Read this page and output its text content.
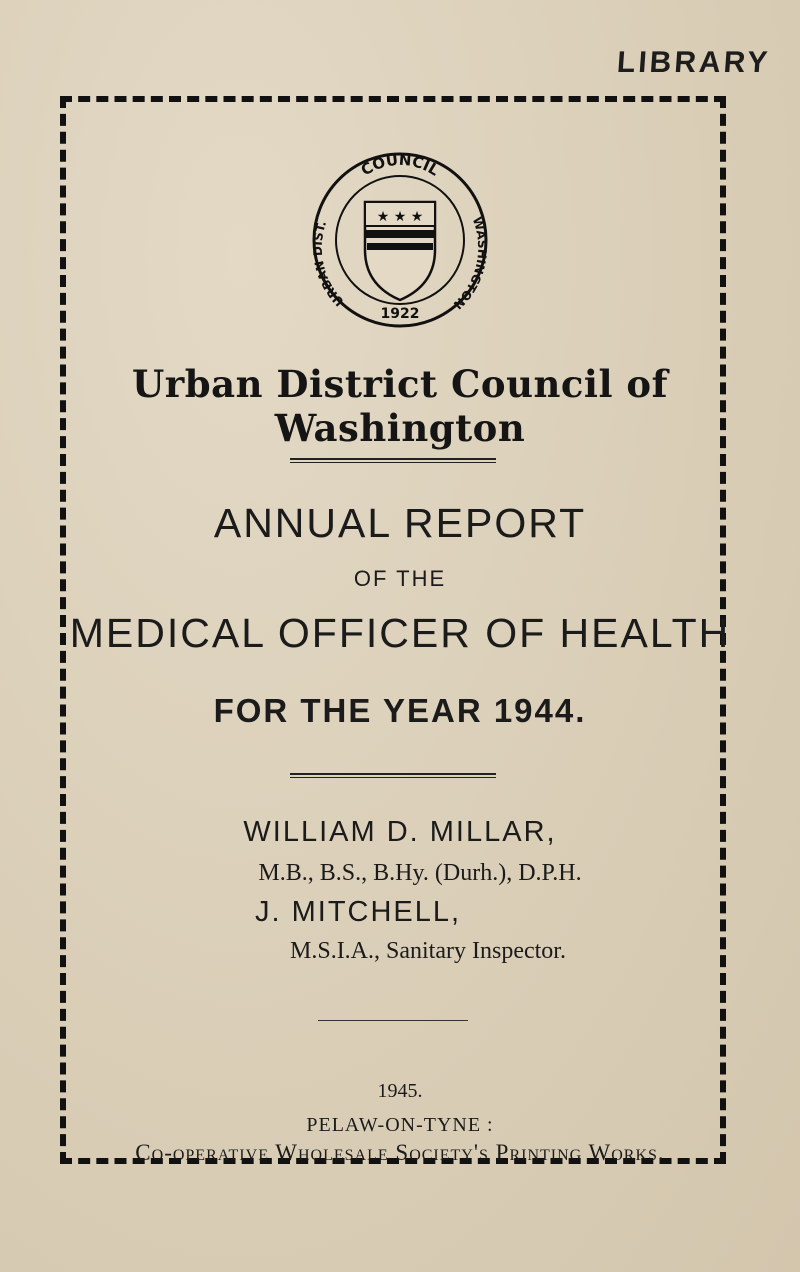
LIBRARY
COUNCIL
URBAN DIST.	WASHINGTON
★ ★ ★
1922
Urban District Council of Washington
ANNUAL REPORT
OF THE
MEDICAL OFFICER OF HEALTH
FOR THE YEAR 1944.
WILLIAM D. MILLAR,
M.B., B.S., B.Hy. (Durh.), D.P.H.
J. MITCHELL,
M.S.I.A., Sanitary Inspector.
1945.
PELAW-ON-TYNE :
Co-operative Wholesale Society's Printing Works.
